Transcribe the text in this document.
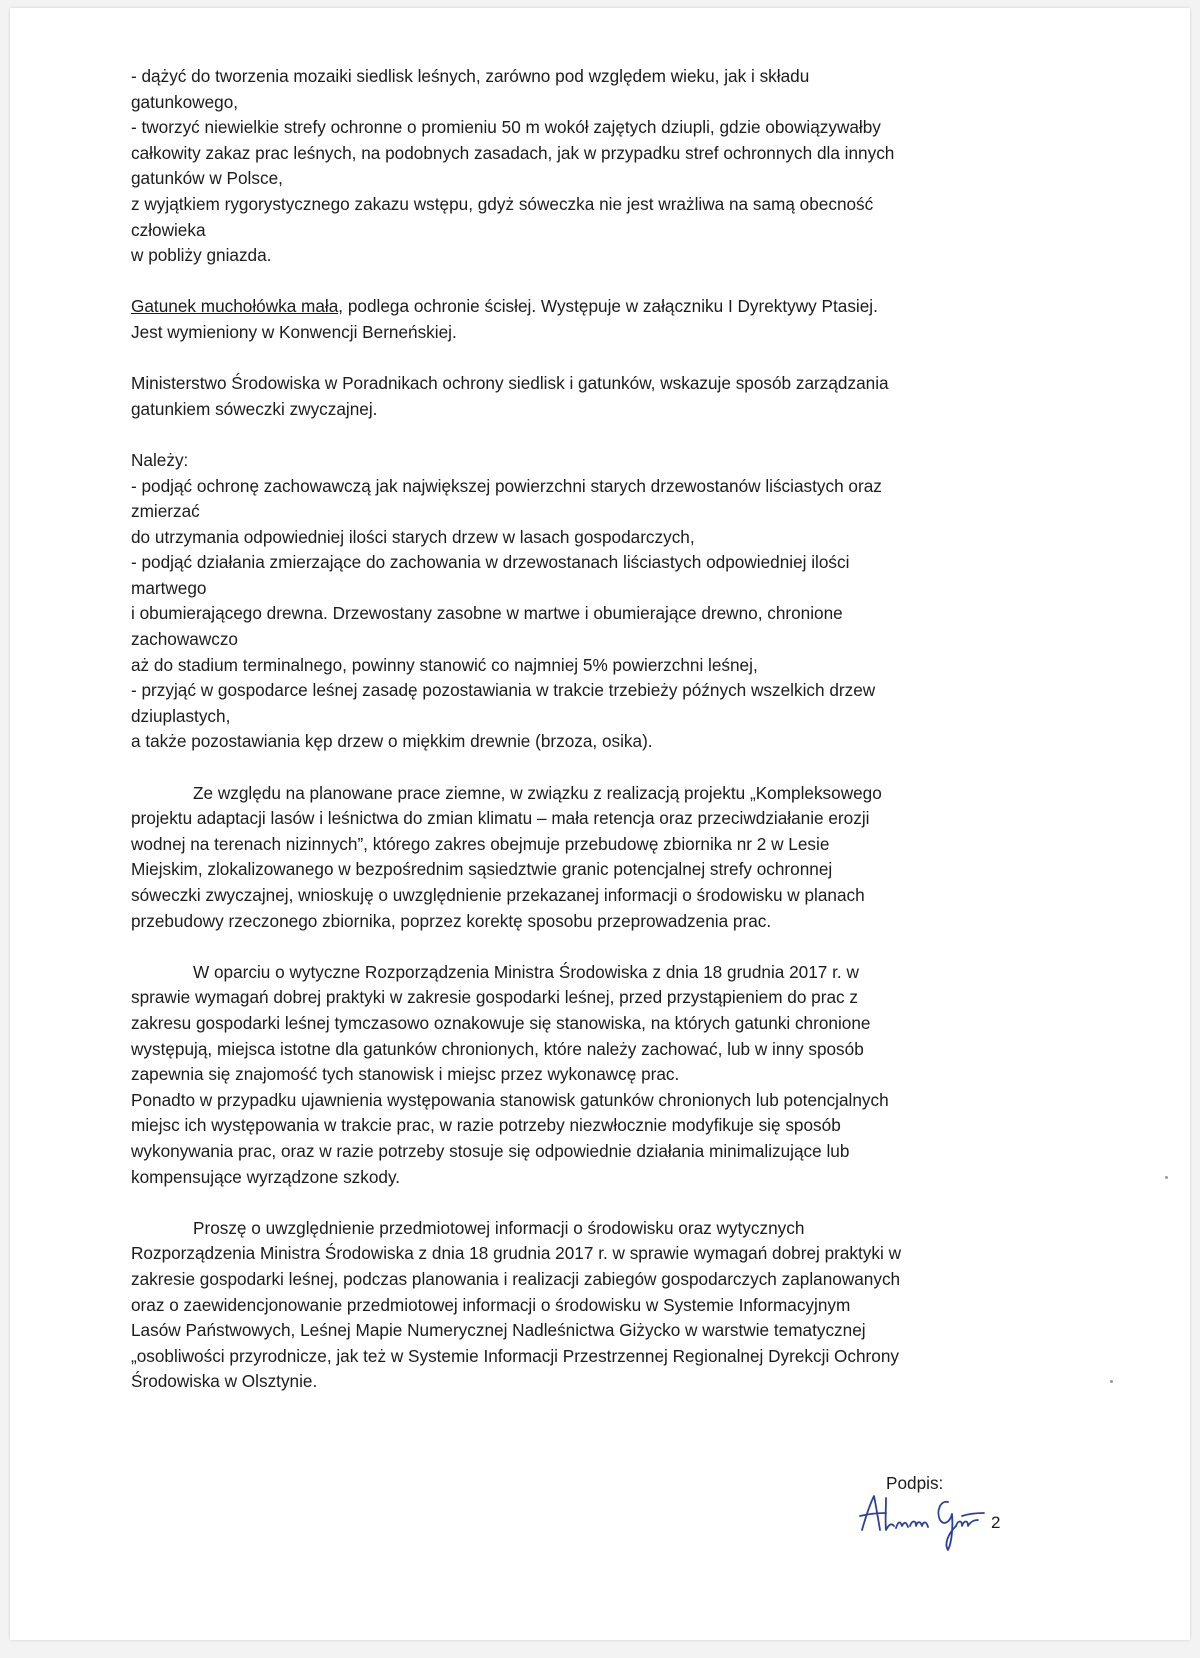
- dążyć do tworzenia mozaiki siedlisk leśnych, zarówno pod względem wieku, jak i składu
gatunkowego,
- tworzyć niewielkie strefy ochronne o promieniu 50 m wokół zajętych dziupli, gdzie obowiązywałby
całkowity zakaz prac leśnych, na podobnych zasadach, jak w przypadku stref ochronnych dla innych
gatunków w Polsce,
z wyjątkiem rygorystycznego zakazu wstępu, gdyż sóweczka nie jest wrażliwa na samą obecność
człowieka
w pobliży gniazda.
Gatunek muchołówka mała, podlega ochronie ścisłej. Występuje w załączniku I Dyrektywy Ptasiej.
Jest wymieniony w Konwencji Berneńskiej.
Ministerstwo Środowiska w Poradnikach ochrony siedlisk i gatunków, wskazuje sposób zarządzania
gatunkiem sóweczki zwyczajnej.
Należy:
- podjąć ochronę zachowawczą jak największej powierzchni starych drzewostanów liściastych oraz
zmierzać
do utrzymania odpowiedniej ilości starych drzew w lasach gospodarczych,
- podjąć działania zmierzające do zachowania w drzewostanach liściastych odpowiedniej ilości
martwego
i obumierającego drewna. Drzewostany zasobne w martwe i obumierające drewno, chronione
zachowawczo
aż do stadium terminalnego, powinny stanowić co najmniej 5% powierzchni leśnej,
- przyjąć w gospodarce leśnej zasadę pozostawiania w trakcie trzebieży późnych wszelkich drzew
dziuplastych,
a także pozostawiania kęp drzew o miękkim drewnie (brzoza, osika).
Ze względu na planowane prace ziemne, w związku z realizacją projektu „Kompleksowego
projektu adaptacji lasów i leśnictwa do zmian klimatu – mała retencja oraz przeciwdziałanie erozji
wodnej na terenach nizinnych”, którego zakres obejmuje przebudowę zbiornika nr 2 w Lesie
Miejskim, zlokalizowanego w bezpośrednim sąsiedztwie granic potencjalnej strefy ochronnej
sóweczki zwyczajnej, wnioskuję o uwzględnienie przekazanej informacji o środowisku w planach
przebudowy rzeczonego zbiornika, poprzez korektę sposobu przeprowadzenia prac.
W oparciu o wytyczne Rozporządzenia Ministra Środowiska z dnia 18 grudnia 2017 r. w
sprawie wymagań dobrej praktyki w zakresie gospodarki leśnej, przed przystąpieniem do prac z
zakresu gospodarki leśnej tymczasowo oznakowuje się stanowiska, na których gatunki chronione
występują, miejsca istotne dla gatunków chronionych, które należy zachować, lub w inny sposób
zapewnia się znajomość tych stanowisk i miejsc przez wykonawcę prac.
Ponadto w przypadku ujawnienia występowania stanowisk gatunków chronionych lub potencjalnych
miejsc ich występowania w trakcie prac, w razie potrzeby niezwłocznie modyfikuje się sposób
wykonywania prac, oraz w razie potrzeby stosuje się odpowiednie działania minimalizujące lub
kompensujące wyrządzone szkody.
Proszę o uwzględnienie przedmiotowej informacji o środowisku oraz wytycznych
Rozporządzenia Ministra Środowiska z dnia 18 grudnia 2017 r. w sprawie wymagań dobrej praktyki w
zakresie gospodarki leśnej, podczas planowania i realizacji zabiegów gospodarczych zaplanowanych
oraz o zaewidencjonowanie przedmiotowej informacji o środowisku w Systemie Informacyjnym
Lasów Państwowych, Leśnej Mapie Numerycznej Nadleśnictwa Giżycko w warstwie tematycznej
„osobliwości przyrodnicze, jak też w Systemie Informacji Przestrzennej Regionalnej Dyrekcji Ochrony
Środowiska w Olsztynie.
Podpis:
2
